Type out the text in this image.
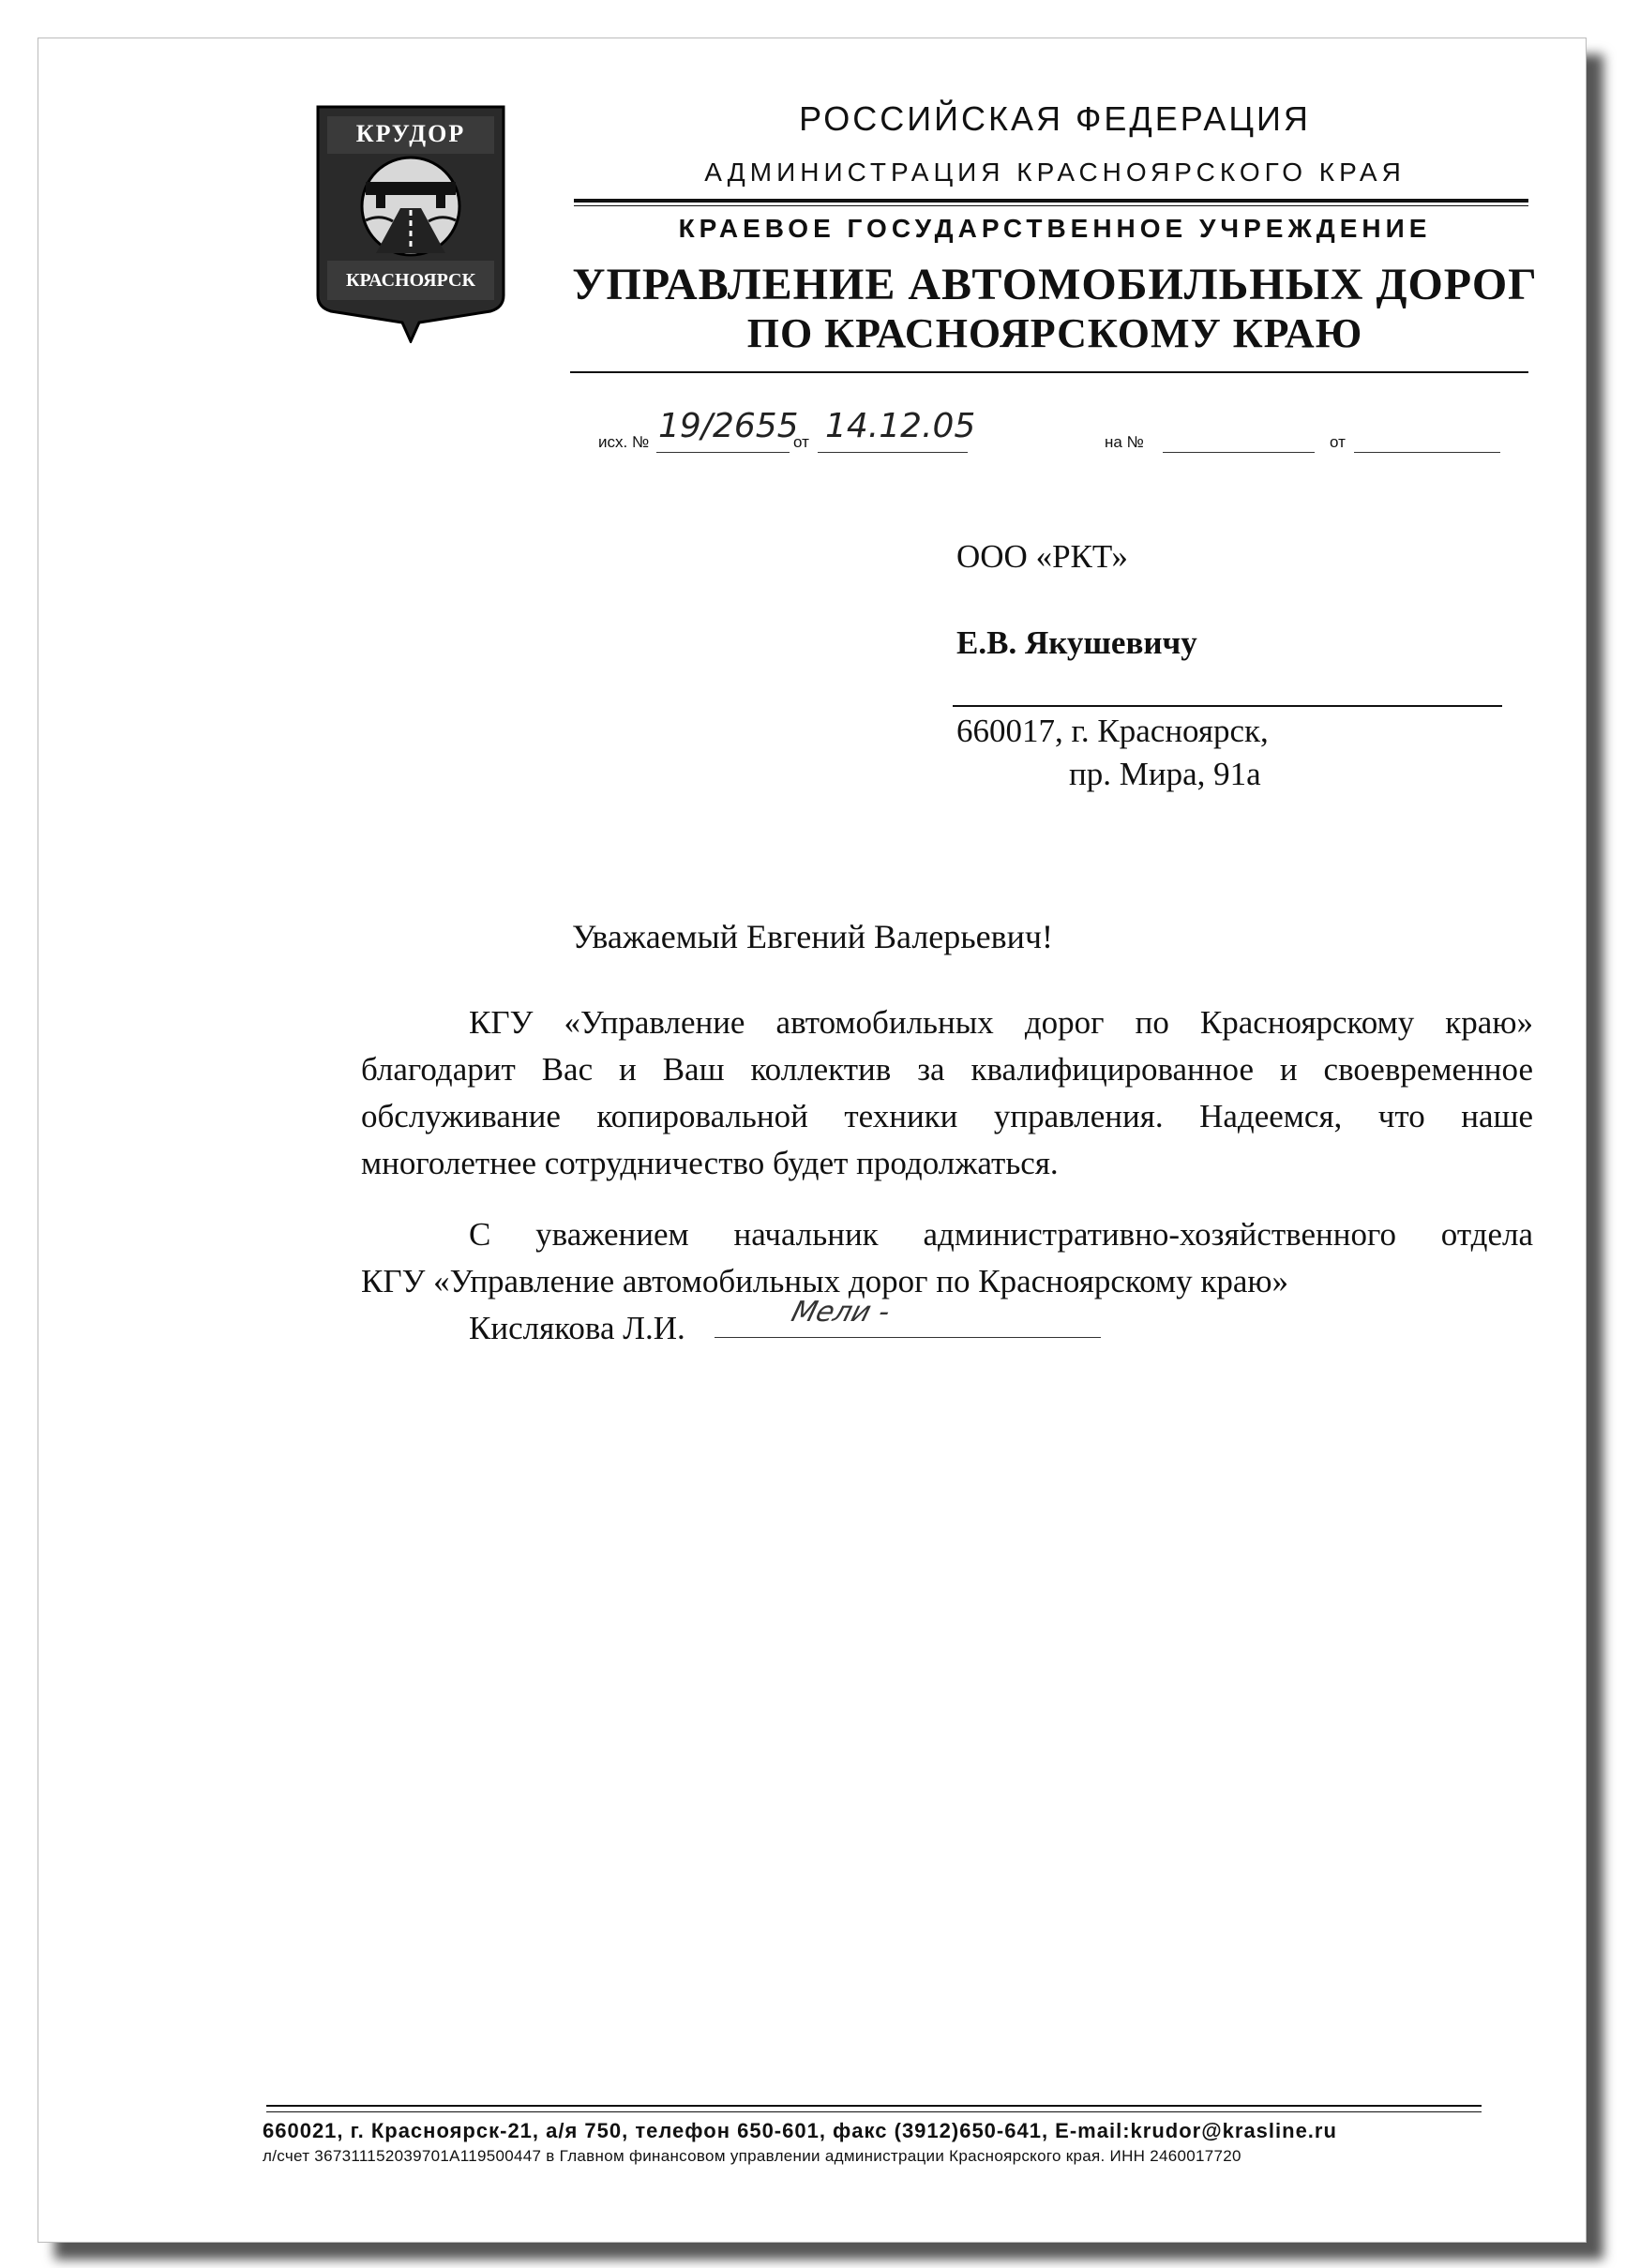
КРУДОР
КРАСНОЯРСК
РОССИЙСКАЯ ФЕДЕРАЦИЯ
АДМИНИСТРАЦИЯ КРАСНОЯРСКОГО КРАЯ
КРАЕВОЕ ГОСУДАРСТВЕННОЕ УЧРЕЖДЕНИЕ
УПРАВЛЕНИЕ АВТОМОБИЛЬНЫХ ДОРОГ
ПО КРАСНОЯРСКОМУ КРАЮ
исх. № 19/2655
от 14.12.05	на №	от
ООО «РКТ»
Е.В. Якушевичу
660017, г. Красноярск,
пр. Мира, 91а
Уважаемый Евгений Валерьевич!
КГУ «Управление автомобильных дорог по Красноярскому краю» благодарит Вас и Ваш коллектив за квалифицированное и своевременное обслуживание копировальной техники управления. Надеемся, что наше многолетнее сотрудничество будет продолжаться.
С уважением начальник административно-хозяйственного отдела
КГУ «Управление автомобильных дорог по Красноярскому краю»
Кислякова Л.И.	Мели -
660021, г. Красноярск-21, а/я 750, телефон 650-601, факс (3912)650-641, E-mail:krudor@krasline.ru
л/счет 367311152039701А119500447 в Главном финансовом управлении администрации Красноярского края. ИНН 2460017720
